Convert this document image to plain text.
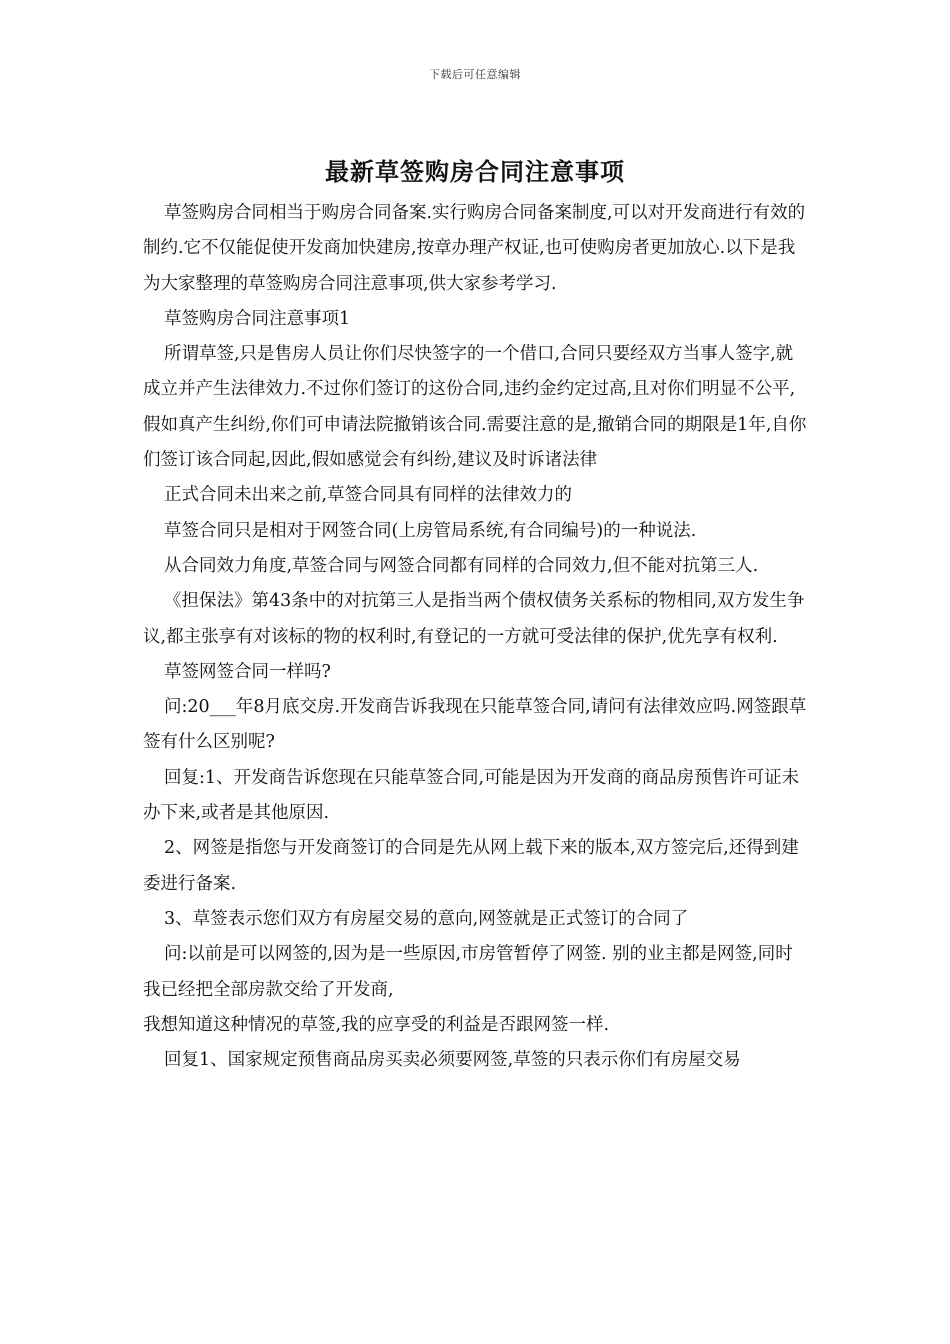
下载后可任意编辑
最新草签购房合同注意事项

草签购房合同相当于购房合同备案.实行购房合同备案制度,可以对开发商进行有效的制约.它不仅能促使开发商加快建房,按章办理产权证,也可使购房者更加放心.以下是我为大家整理的草签购房合同注意事项,供大家参考学习.

草签购房合同注意事项1

所谓草签,只是售房人员让你们尽快签字的一个借口,合同只要经双方当事人签字,就成立并产生法律效力.不过你们签订的这份合同,违约金约定过高,且对你们明显不公平,假如真产生纠纷,你们可申请法院撤销该合同.需要注意的是,撤销合同的期限是1年,自你们签订该合同起,因此,假如感觉会有纠纷,建议及时诉诸法律

正式合同未出来之前,草签合同具有同样的法律效力的

草签合同只是相对于网签合同(上房管局系统,有合同编号)的一种说法.

从合同效力角度,草签合同与网签合同都有同样的合同效力,但不能对抗第三人.

《担保法》第43条中的对抗第三人是指当两个债权债务关系标的物相同,双方发生争议,都主张享有对该标的物的权利时,有登记的一方就可受法律的保护,优先享有权利.

草签网签合同一样吗?

问:20___年8月底交房.开发商告诉我现在只能草签合同,请问有法律效应吗.网签跟草签有什么区别呢?

回复:1、开发商告诉您现在只能草签合同,可能是因为开发商的商品房预售许可证未办下来,或者是其他原因.

2、网签是指您与开发商签订的合同是先从网上载下来的版本,双方签完后,还得到建委进行备案.

3、草签表示您们双方有房屋交易的意向,网签就是正式签订的合同了

问:以前是可以网签的,因为是一些原因,市房管暂停了网签. 别的业主都是网签,同时我已经把全部房款交给了开发商,

我想知道这种情况的草签,我的应享受的利益是否跟网签一样.

回复1、国家规定预售商品房买卖必须要网签,草签的只表示你们有房屋交易
